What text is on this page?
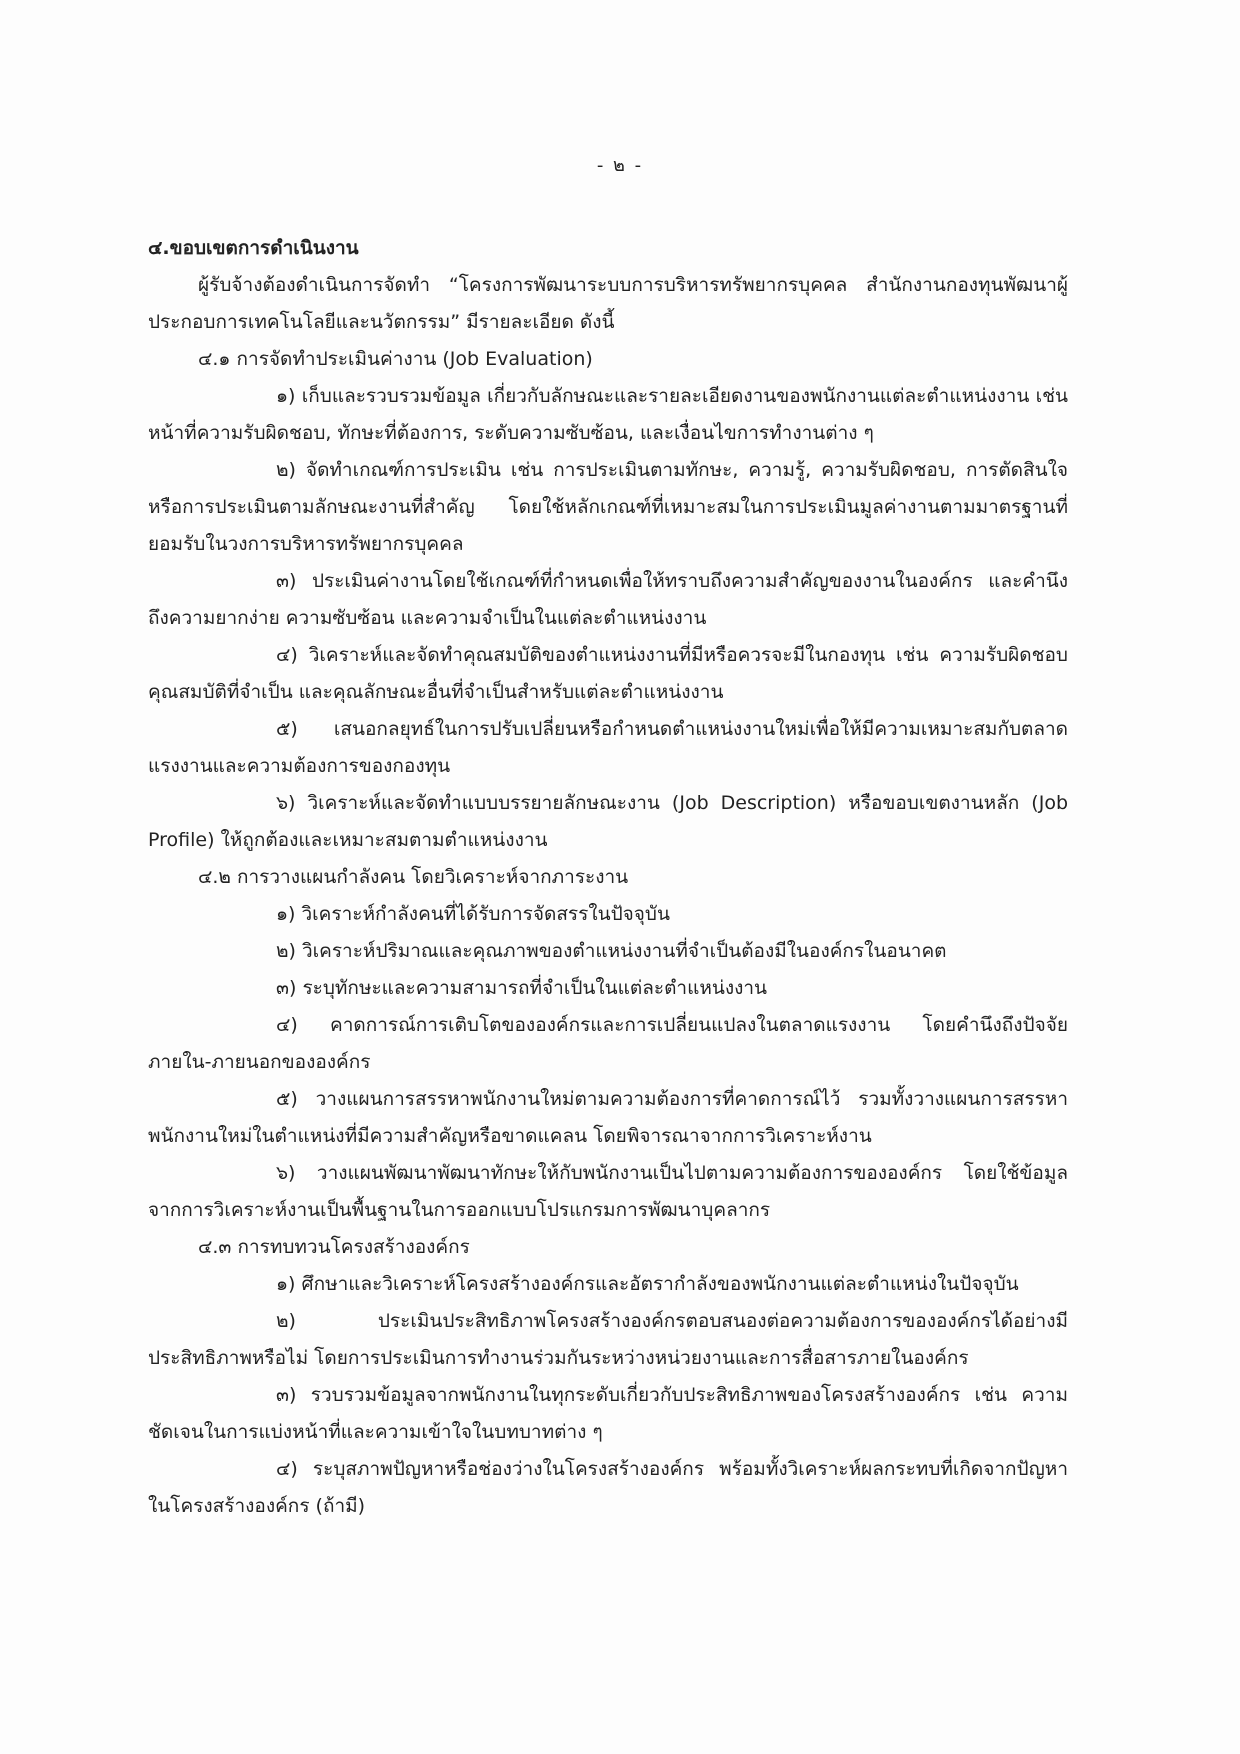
- ๒ -

๔.ขอบเขตการดำเนินงาน

ผู้รับจ้างต้องดำเนินการจัดทำ “โครงการพัฒนาระบบการบริหารทรัพยากรบุคคล สำนักงานกองทุนพัฒนาผู้ประกอบการเทคโนโลยีและนวัตกรรม” มีรายละเอียด ดังนี้

๔.๑ การจัดทำประเมินค่างาน (Job Evaluation)

๑) เก็บและรวบรวมข้อมูล เกี่ยวกับลักษณะและรายละเอียดงานของพนักงานแต่ละตำแหน่งงาน เช่น หน้าที่ความรับผิดชอบ, ทักษะที่ต้องการ, ระดับความซับซ้อน, และเงื่อนไขการทำงานต่าง ๆ

๒) จัดทำเกณฑ์การประเมิน เช่น การประเมินตามทักษะ, ความรู้, ความรับผิดชอบ, การตัดสินใจ หรือการประเมินตามลักษณะงานที่สำคัญ โดยใช้หลักเกณฑ์ที่เหมาะสมในการประเมินมูลค่างานตามมาตรฐานที่ยอมรับในวงการบริหารทรัพยากรบุคคล

๓) ประเมินค่างานโดยใช้เกณฑ์ที่กำหนดเพื่อให้ทราบถึงความสำคัญของงานในองค์กร และคำนึงถึงความยากง่าย ความซับซ้อน และความจำเป็นในแต่ละตำแหน่งงาน

๔) วิเคราะห์และจัดทำคุณสมบัติของตำแหน่งงานที่มีหรือควรจะมีในกองทุน เช่น ความรับผิดชอบ คุณสมบัติที่จำเป็น และคุณลักษณะอื่นที่จำเป็นสำหรับแต่ละตำแหน่งงาน

๕) เสนอกลยุทธ์ในการปรับเปลี่ยนหรือกำหนดตำแหน่งงานใหม่เพื่อให้มีความเหมาะสมกับตลาดแรงงานและความต้องการของกองทุน

๖) วิเคราะห์และจัดทำแบบบรรยายลักษณะงาน (Job Description) หรือขอบเขตงานหลัก (Job Profile) ให้ถูกต้องและเหมาะสมตามตำแหน่งงาน

๔.๒ การวางแผนกำลังคน โดยวิเคราะห์จากภาระงาน

๑) วิเคราะห์กำลังคนที่ได้รับการจัดสรรในปัจจุบัน

๒) วิเคราะห์ปริมาณและคุณภาพของตำแหน่งงานที่จำเป็นต้องมีในองค์กรในอนาคต

๓) ระบุทักษะและความสามารถที่จำเป็นในแต่ละตำแหน่งงาน

๔) คาดการณ์การเติบโตขององค์กรและการเปลี่ยนแปลงในตลาดแรงงาน โดยคำนึงถึงปัจจัยภายใน-ภายนอกขององค์กร

๕) วางแผนการสรรหาพนักงานใหม่ตามความต้องการที่คาดการณ์ไว้ รวมทั้งวางแผนการสรรหาพนักงานใหม่ในตำแหน่งที่มีความสำคัญหรือขาดแคลน โดยพิจารณาจากการวิเคราะห์งาน

๖) วางแผนพัฒนาพัฒนาทักษะให้กับพนักงานเป็นไปตามความต้องการขององค์กร โดยใช้ข้อมูลจากการวิเคราะห์งานเป็นพื้นฐานในการออกแบบโปรแกรมการพัฒนาบุคลากร

๔.๓ การทบทวนโครงสร้างองค์กร

๑) ศึกษาและวิเคราะห์โครงสร้างองค์กรและอัตรากำลังของพนักงานแต่ละตำแหน่งในปัจจุบัน

๒) ประเมินประสิทธิภาพโครงสร้างองค์กรตอบสนองต่อความต้องการขององค์กรได้อย่างมีประสิทธิภาพหรือไม่ โดยการประเมินการทำงานร่วมกันระหว่างหน่วยงานและการสื่อสารภายในองค์กร

๓) รวบรวมข้อมูลจากพนักงานในทุกระดับเกี่ยวกับประสิทธิภาพของโครงสร้างองค์กร เช่น ความชัดเจนในการแบ่งหน้าที่และความเข้าใจในบทบาทต่าง ๆ

๔) ระบุสภาพปัญหาหรือช่องว่างในโครงสร้างองค์กร พร้อมทั้งวิเคราะห์ผลกระทบที่เกิดจากปัญหาในโครงสร้างองค์กร (ถ้ามี)
